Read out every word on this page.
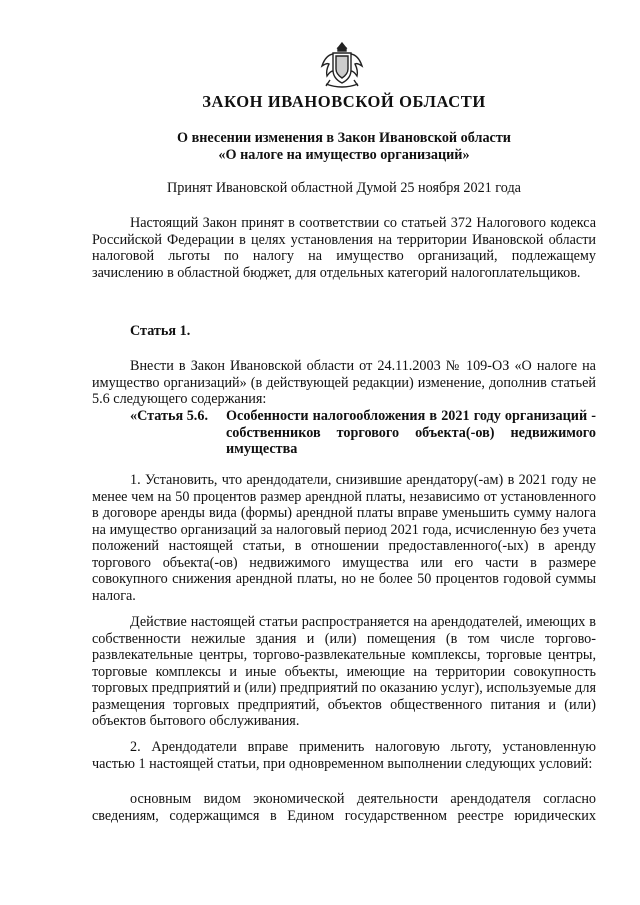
ЗАКОН ИВАНОВСКОЙ ОБЛАСТИ
О внесении изменения в Закон Ивановской области
«О налоге на имущество организаций»
Принят Ивановской областной Думой 25 ноября 2021 года
Настоящий Закон принят в соответствии со статьей 372 Налогового кодекса Российской Федерации в целях установления на территории Ивановской области налоговой льготы по налогу на имущество организаций, подлежащему зачислению в областной бюджет, для отдельных категорий налогоплательщиков.
Статья 1.
Внести в Закон Ивановской области от 24.11.2003 № 109-ОЗ «О налоге на имущество организаций» (в действующей редакции) изменение, дополнив статьей 5.6 следующего содержания:
«Статья 5.6. Особенности налогообложения в 2021 году организаций - собственников торгового объекта(-ов) недвижимого имущества
1. Установить, что арендодатели, снизившие арендатору(-ам) в 2021 году не менее чем на 50 процентов размер арендной платы, независимо от установленного в договоре аренды вида (формы) арендной платы вправе уменьшить сумму налога на имущество организаций за налоговый период 2021 года, исчисленную без учета положений настоящей статьи, в отношении предоставленного(-ых) в аренду торгового объекта(-ов) недвижимого имущества или его части в размере совокупного снижения арендной платы, но не более 50 процентов годовой суммы налога.
Действие настоящей статьи распространяется на арендодателей, имеющих в собственности нежилые здания и (или) помещения (в том числе торгово-развлекательные центры, торгово-развлекательные комплексы, торговые центры, торговые комплексы и иные объекты, имеющие на территории совокупность торговых предприятий и (или) предприятий по оказанию услуг), используемые для размещения торговых предприятий, объектов общественного питания и (или) объектов бытового обслуживания.
2. Арендодатели вправе применить налоговую льготу, установленную частью 1 настоящей статьи, при одновременном выполнении следующих условий:
основным видом экономической деятельности арендодателя согласно
сведениям, содержащимся в Едином государственном реестре юридических
